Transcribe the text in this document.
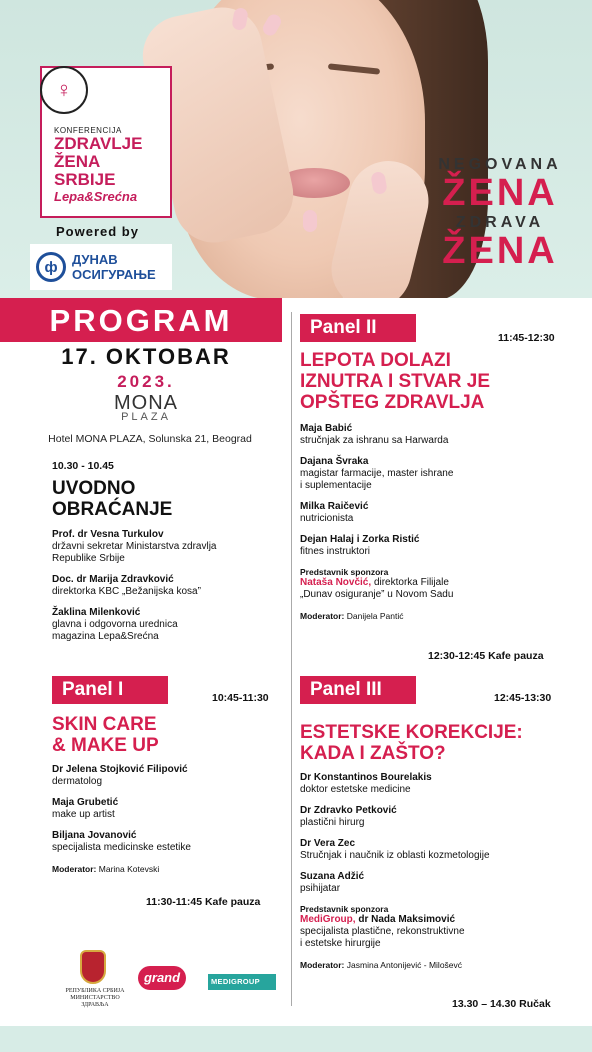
♀
KONFERENCIJA
ZDRAVLJE
ŽENA
SRBIJE
Lepa&Srećna
Powered by
ф	ДУНАВ
ОСИГУРАЊЕ
NEGOVANA
ŽENA
ZDRAVA
ŽENA
PROGRAM
17. OKTOBAR
2023.
MONA
PLAZA
Hotel MONA PLAZA, Solunska 21, Beograd
10.30 - 10.45
UVODNO
OBRAĆANJE
Prof. dr Vesna Turkulov
državni sekretar Ministarstva zdravlja
Republike Srbije
Doc. dr Marija Zdravković
direktorka KBC „Bežanijska kosa”
Žaklina Milenković
glavna i odgovorna urednica
magazina Lepa&Srećna
Panel I	10:45-11:30
SKIN CARE
& MAKE UP
Dr Jelena Stojković Filipović
dermatolog
Maja Grubetić
make up artist
Biljana Jovanović
specijalista medicinske estetike
Moderator: Marina Kotevski
11:30-11:45 Kafe pauza
Panel II	11:45-12:30
LEPOTA DOLAZI
IZNUTRA I STVAR JE
OPŠTEG ZDRAVLJA
Maja Babić
stručnjak za ishranu sa Harwarda
Dajana Švraka
magistar farmacije, master ishrane
i suplementacije
Milka Raičević
nutricionista
Dejan Halaj i Zorka Ristić
fitnes instruktori
Predstavnik sponzora
Nataša Novčić, direktorka Filijale
„Dunav osiguranje” u Novom Sadu
Moderator: Danijela Pantić
12:30-12:45 Kafe pauza
Panel III	12:45-13:30
ESTETSKE KOREKCIJE:
KADA I ZAŠTO?
Dr Konstantinos Bourelakis
doktor estetske medicine
Dr Zdravko Petković
plastični hirurg
Dr Vera Zec
Stručnjak i naučnik iz oblasti kozmetologije
Suzana Adžić
psihijatar
Predstavnik sponzora
MediGroup, dr Nada Maksimović
specijalista plastične, rekonstruktivne
i estetske hirurgije
Moderator: Jasmina Antonijević - Miloševć
13.30 – 14.30 Ručak
РЕПУБЛИКА СРБИЈА
МИНИСТАРСТВО ЗДРАВЉА
grand	MEDIGROUP
